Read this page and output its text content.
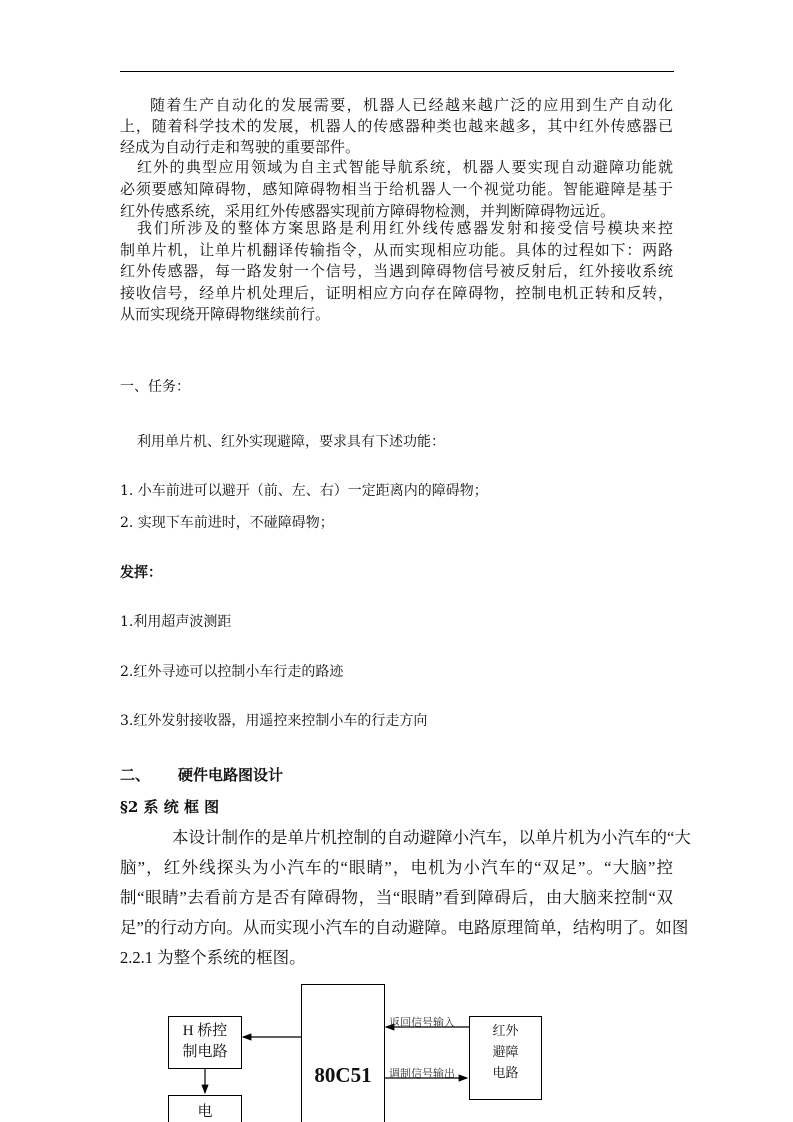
随着生产自动化的发展需要，机器人已经越来越广泛的应用到生产自动化
上，随着科学技术的发展，机器人的传感器种类也越来越多，其中红外传感器已
经成为自动行走和驾驶的重要部件。
红外的典型应用领域为自主式智能导航系统，机器人要实现自动避障功能就
必须要感知障碍物，感知障碍物相当于给机器人一个视觉功能。智能避障是基于
红外传感系统，采用红外传感器实现前方障碍物检测，并判断障碍物远近。
我们所涉及的整体方案思路是利用红外线传感器发射和接受信号模块来控
制单片机，让单片机翻译传输指令，从而实现相应功能。具体的过程如下：两路
红外传感器，每一路发射一个信号，当遇到障碍物信号被反射后，红外接收系统
接收信号，经单片机处理后，证明相应方向存在障碍物，控制电机正转和反转，
从而实现绕开障碍物继续前行。
一、任务：
利用单片机、红外实现避障，要求具有下述功能：
1. 小车前进可以避开（前、左、右）一定距离内的障碍物；
2. 实现下车前进时，不碰障碍物；
发挥：
1.利用超声波测距
2.红外寻迹可以控制小车行走的路迹
3.红外发射接收器，用遥控来控制小车的行走方向
二、 硬件电路图设计
§2 系 统 框 图
本设计制作的是单片机控制的自动避障小汽车，以单片机为小汽车的“大
脑”，红外线探头为小汽车的“眼睛”，电机为小汽车的“双足”。“大脑”控
制“眼睛”去看前方是否有障碍物，当“眼睛”看到障碍后，由大脑来控制“双
足”的行动方向。从而实现小汽车的自动避障。电路原理简单，结构明了。如图
2.2.1 为整个系统的框图。
80C51
H 桥控
制电路
电
红外
避障
电路
返回信号输入
调制信号输出
